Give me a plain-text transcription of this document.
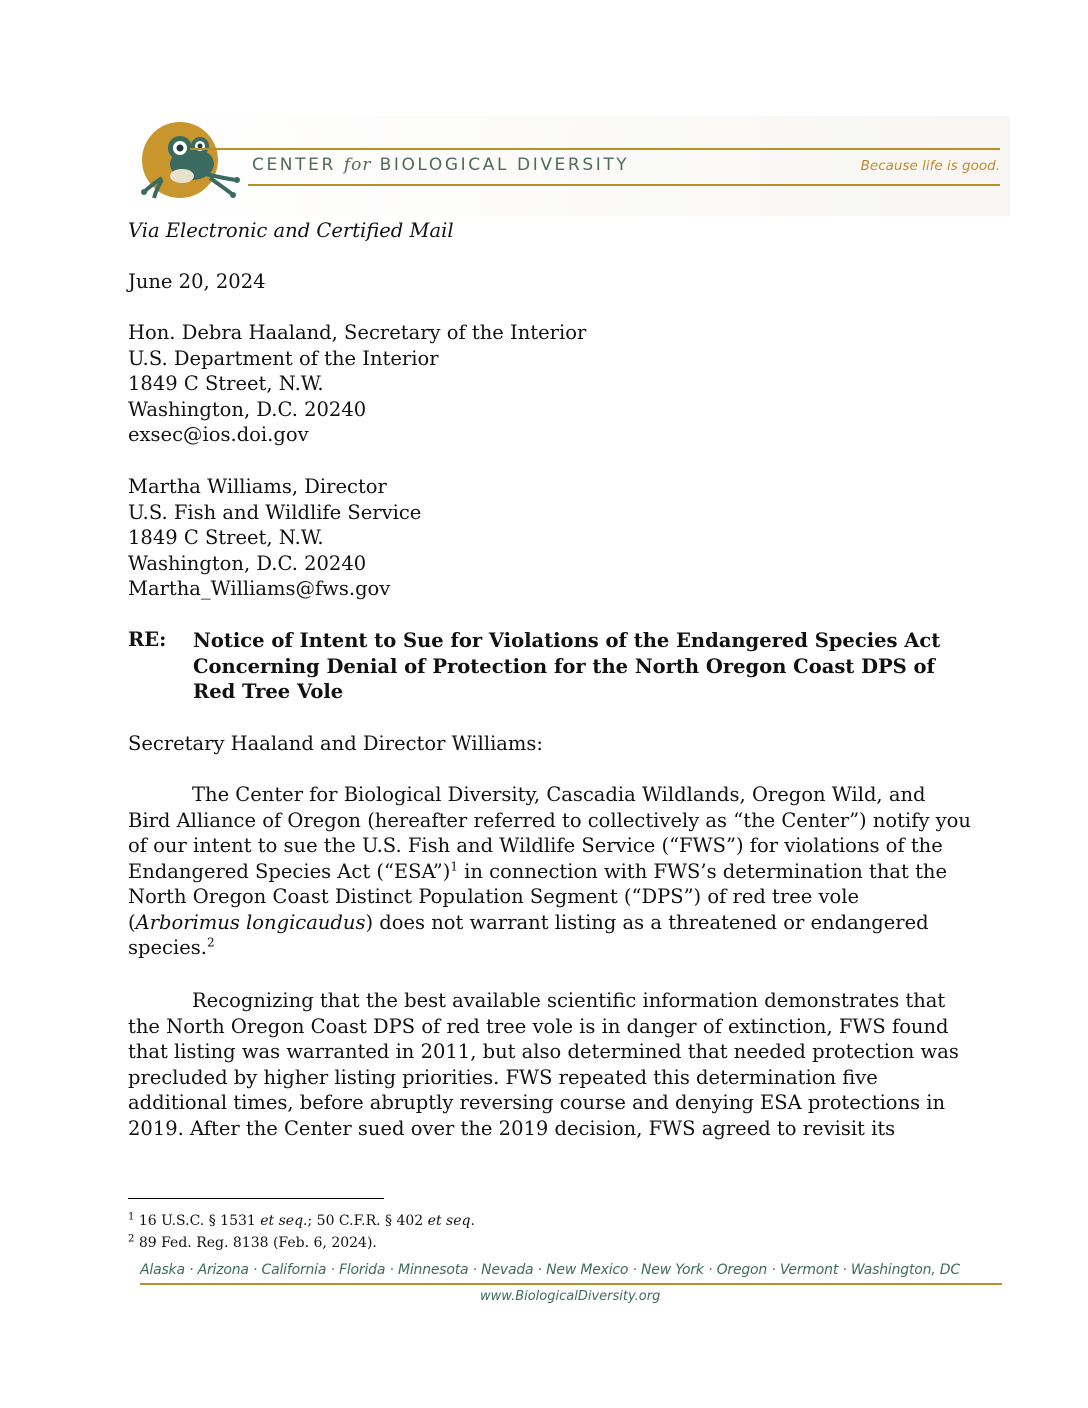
CENTER for BIOLOGICAL DIVERSITY	Because life is good.
Via Electronic and Certified Mail
June 20, 2024
Hon. Debra Haaland, Secretary of the Interior
U.S. Department of the Interior
1849 C Street, N.W.
Washington, D.C. 20240
exsec@ios.doi.gov
Martha Williams, Director
U.S. Fish and Wildlife Service
1849 C Street, N.W.
Washington, D.C. 20240
Martha_Williams@fws.gov
RE: Notice of Intent to Sue for Violations of the Endangered Species Act
Concerning Denial of Protection for the North Oregon Coast DPS of
Red Tree Vole
Secretary Haaland and Director Williams:
The Center for Biological Diversity, Cascadia Wildlands, Oregon Wild, and
Bird Alliance of Oregon (hereafter referred to collectively as “the Center”) notify you
of our intent to sue the U.S. Fish and Wildlife Service (“FWS”) for violations of the
Endangered Species Act (“ESA”)$^1$ in connection with FWS’s determination that the
North Oregon Coast Distinct Population Segment (“DPS”) of red tree vole
(Arborimus longicaudus) does not warrant listing as a threatened or endangered
species.$^2$
Recognizing that the best available scientific information demonstrates that
the North Oregon Coast DPS of red tree vole is in danger of extinction, FWS found
that listing was warranted in 2011, but also determined that needed protection was
precluded by higher listing priorities. FWS repeated this determination five
additional times, before abruptly reversing course and denying ESA protections in
2019. After the Center sued over the 2019 decision, FWS agreed to revisit its
$^1$ 16 U.S.C. § 1531 et seq.; 50 C.F.R. § 402 et seq.
$^2$ 89 Fed. Reg. 8138 (Feb. 6, 2024).
Alaska · Arizona · California · Florida · Minnesota · Nevada · New Mexico · New York · Oregon · Vermont · Washington, DC
www.BiologicalDiversity.org
